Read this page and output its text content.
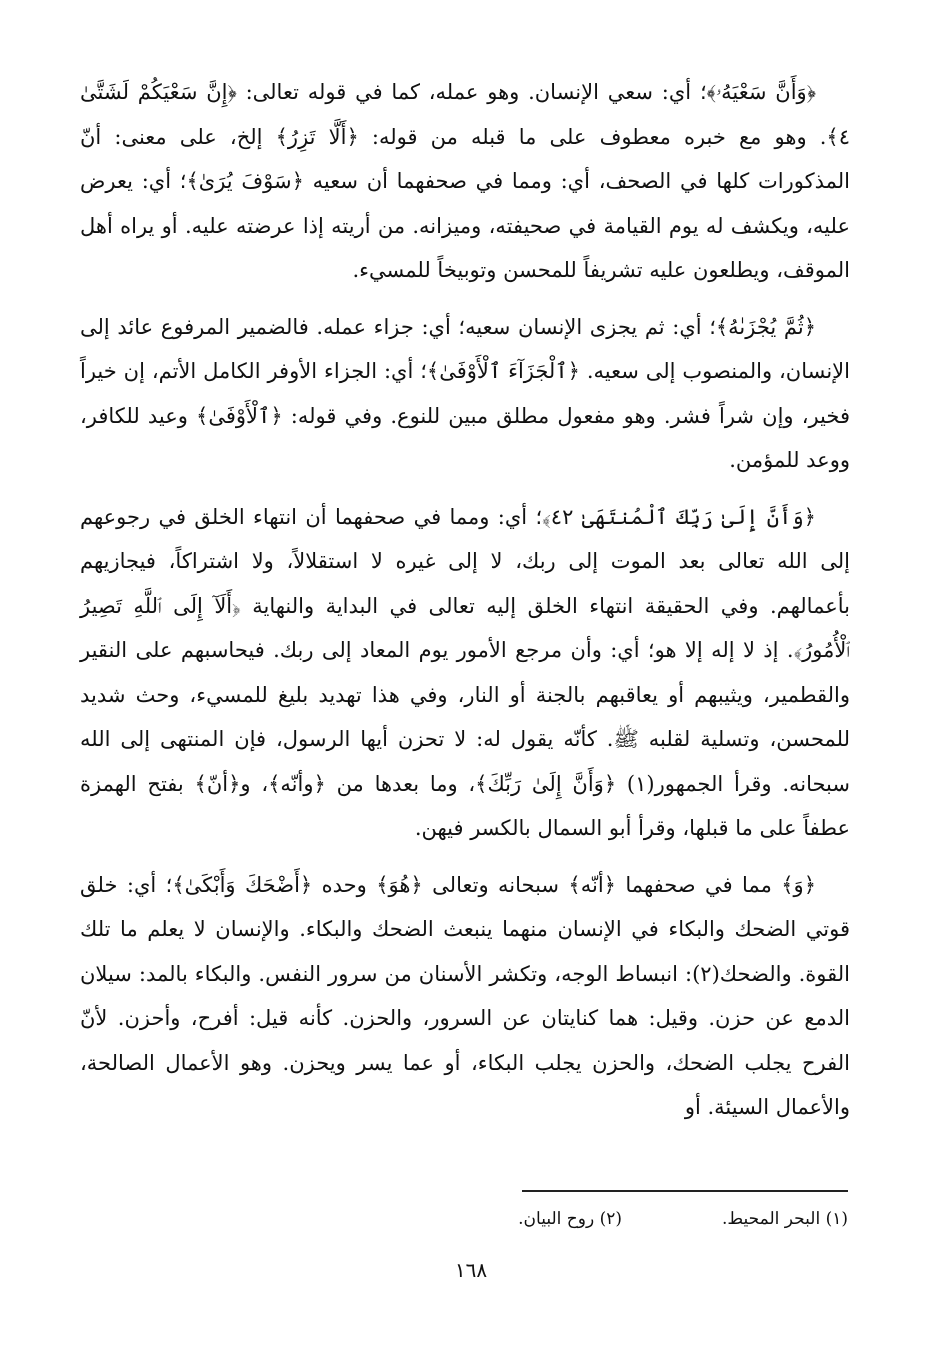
﴿وَأَنَّ سَعْيَهُۥ﴾؛ أي: سعي الإنسان. وهو عمله، كما في قوله تعالى: ﴿إِنَّ سَعْيَكُمْ لَشَتَّىٰ ٤﴾. وهو مع خبره معطوف على ما قبله من قوله: ﴿أَلَّا تَزِرُ﴾ إلخ، على معنى: أنّ المذكورات كلها في الصحف، أي: ومما في صحفهما أن سعيه ﴿سَوْفَ يُرَىٰ﴾؛ أي: يعرض عليه، ويكشف له يوم القيامة في صحيفته، وميزانه. من أريته إذا عرضته عليه. أو يراه أهل الموقف، ويطلعون عليه تشريفاً للمحسن وتوبيخاً للمسيء.

﴿ثُمَّ يُجْزَىٰهُ﴾؛ أي: ثم يجزى الإنسان سعيه؛ أي: جزاء عمله. فالضمير المرفوع عائد إلى الإنسان، والمنصوب إلى سعيه. ﴿ٱلْجَزَآءَ ٱلْأَوْفَىٰ﴾؛ أي: الجزاء الأوفر الكامل الأتم، إن خيراً فخير، وإن شراً فشر. وهو مفعول مطلق مبين للنوع. وفي قوله: ﴿ٱلْأَوْفَىٰ﴾ وعيد للكافر، ووعد للمؤمن.

﴿وَأَنَّ إِلَىٰ رَبِّكَ ٱلْمُنتَهَىٰ ٤٢﴾؛ أي: ومما في صحفهما أن انتهاء الخلق في رجوعهم إلى الله تعالى بعد الموت إلى ربك، لا إلى غيره لا استقلالاً، ولا اشتراكاً، فيجازيهم بأعمالهم. وفي الحقيقة انتهاء الخلق إليه تعالى في البداية والنهاية ﴿أَلَآ إِلَى ٱللَّهِ تَصِيرُ ٱلْأُمُورُ﴾. إذ لا إله إلا هو؛ أي: وأن مرجع الأمور يوم المعاد إلى ربك. فيحاسبهم على النقير والقطمير، ويثيبهم أو يعاقبهم بالجنة أو النار، وفي هذا تهديد بليغ للمسيء، وحث شديد للمحسن، وتسلية لقلبه ﷺ. كأنّه يقول له: لا تحزن أيها الرسول، فإن المنتهى إلى الله سبحانه. وقرأ الجمهور(١) ﴿وَأَنَّ إِلَىٰ رَبِّكَ﴾، وما بعدها من ﴿وأنّه﴾، و﴿أنّ﴾ بفتح الهمزة عطفاً على ما قبلها، وقرأ أبو السمال بالكسر فيهن.

﴿وَ﴾ مما في صحفهما ﴿أنّه﴾ سبحانه وتعالى ﴿هُوَ﴾ وحده ﴿أَضْحَكَ وَأَبْكَىٰ﴾؛ أي: خلق قوتي الضحك والبكاء في الإنسان منهما ينبعث الضحك والبكاء. والإنسان لا يعلم ما تلك القوة. والضحك(٢): انبساط الوجه، وتكشر الأسنان من سرور النفس. والبكاء بالمد: سيلان الدمع عن حزن. وقيل: هما كنايتان عن السرور، والحزن. كأنه قيل: أفرح، وأحزن. لأنّ الفرح يجلب الضحك، والحزن يجلب البكاء، أو عما يسر ويحزن. وهو الأعمال الصالحة، والأعمال السيئة. أو

(١) البحر المحيط.
(٢) روح البيان.
١٦٨
